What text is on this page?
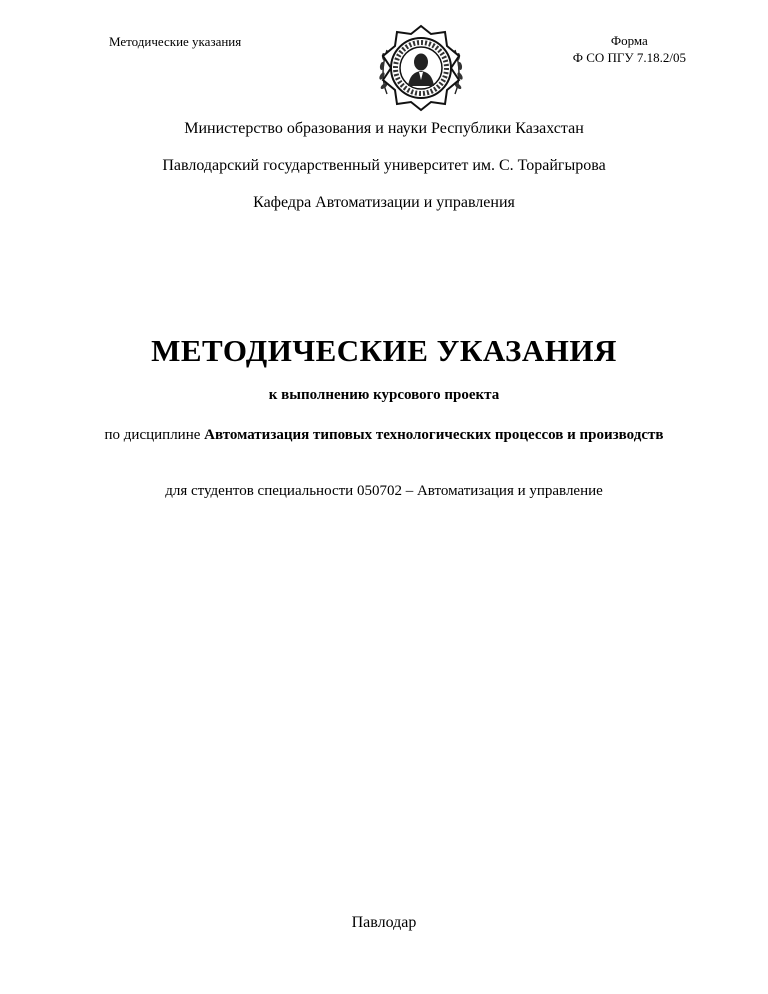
Методические указания	Форма
Ф СО ПГУ 7.18.2/05
Министерство образования и науки Республики Казахстан
Павлодарский государственный университет им. С. Торайгырова
Кафедра Автоматизации и управления
МЕТОДИЧЕСКИЕ УКАЗАНИЯ
к выполнению курсового проекта
по дисциплине Автоматизация типовых технологических процессов и производств
для студентов специальности 050702 – Автоматизация и управление
Павлодар
